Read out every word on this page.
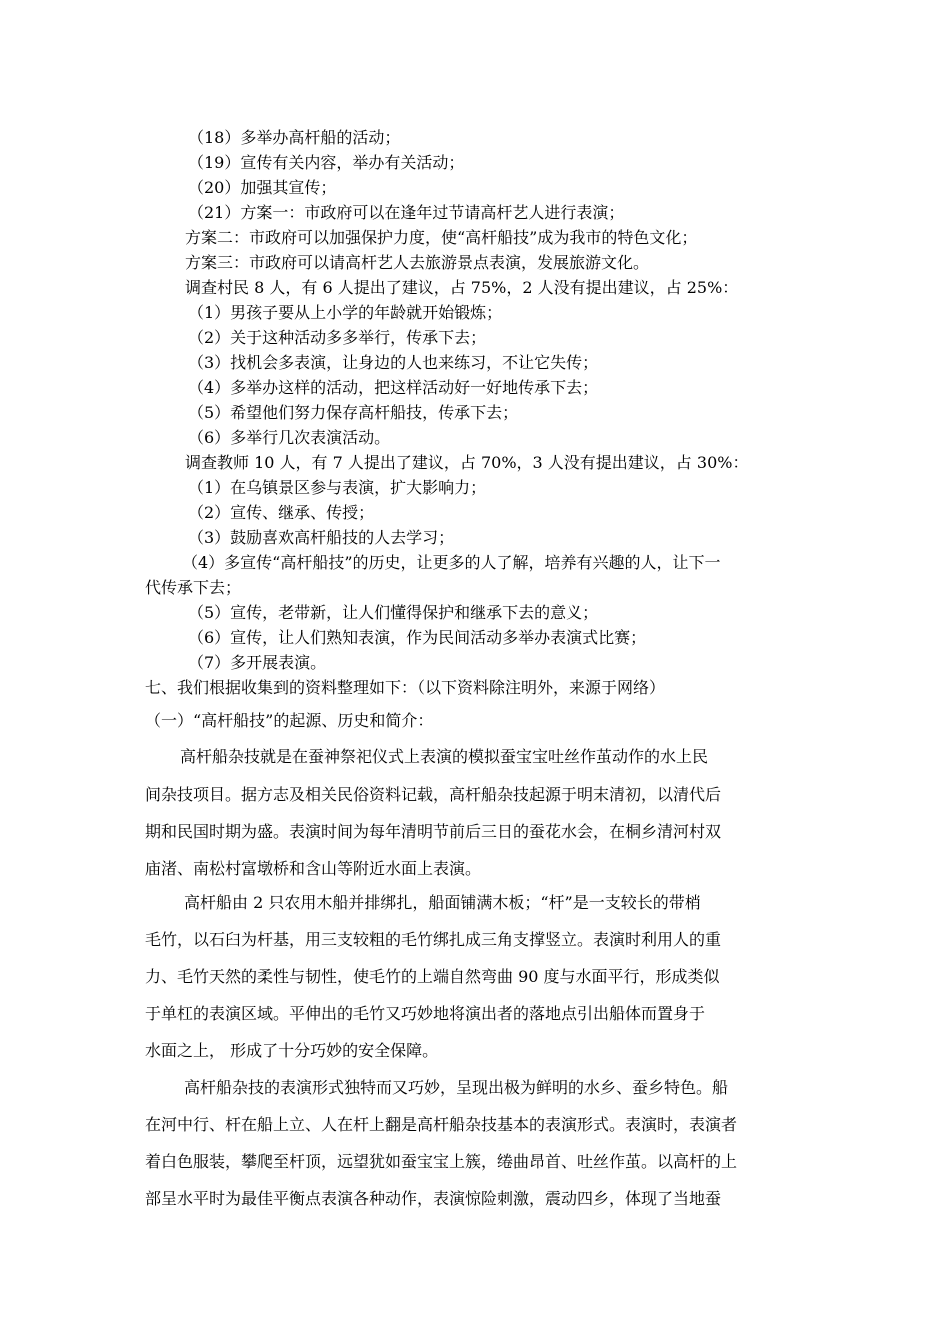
（18）多举办高杆船的活动；
（19）宣传有关内容，举办有关活动；
（20）加强其宣传；
（21）方案一：市政府可以在逢年过节请高杆艺人进行表演；
方案二：市政府可以加强保护力度，使“高杆船技”成为我市的特色文化；
方案三：市政府可以请高杆艺人去旅游景点表演，发展旅游文化。
调查村民 8 人，有 6 人提出了建议，占 75%，2 人没有提出建议，占 25%：
（1）男孩子要从上小学的年龄就开始锻炼；
（2）关于这种活动多多举行，传承下去；
（3）找机会多表演，让身边的人也来练习，不让它失传；
（4）多举办这样的活动，把这样活动好一好地传承下去；
（5）希望他们努力保存高杆船技，传承下去；
（6）多举行几次表演活动。
调查教师 10 人，有 7 人提出了建议，占 70%，3 人没有提出建议，占 30%：
（1）在乌镇景区参与表演，扩大影响力；
（2）宣传、继承、传授；
（3）鼓励喜欢高杆船技的人去学习；
（4）多宣传“高杆船技”的历史，让更多的人了解，培养有兴趣的人，让下一
代传承下去；
（5）宣传，老带新，让人们懂得保护和继承下去的意义；
（6）宣传，让人们熟知表演，作为民间活动多举办表演式比赛；
（7）多开展表演。
七、我们根据收集到的资料整理如下：（以下资料除注明外，来源于网络）
（一）“高杆船技”的起源、历史和简介：
高杆船杂技就是在蚕神祭祀仪式上表演的模拟蚕宝宝吐丝作茧动作的水上民
间杂技项目。据方志及相关民俗资料记载，高杆船杂技起源于明末清初，以清代后
期和民国时期为盛。表演时间为每年清明节前后三日的蚕花水会，在桐乡清河村双
庙渚、南松村富墩桥和含山等附近水面上表演。
高杆船由 2 只农用木船并排绑扎，船面铺满木板；“杆”是一支较长的带梢
毛竹，以石臼为杆基，用三支较粗的毛竹绑扎成三角支撑竖立。表演时利用人的重
力、毛竹天然的柔性与韧性，使毛竹的上端自然弯曲 90 度与水面平行，形成类似
于单杠的表演区域。平伸出的毛竹又巧妙地将演出者的落地点引出船体而置身于
水面之上， 形成了十分巧妙的安全保障。
高杆船杂技的表演形式独特而又巧妙，呈现出极为鲜明的水乡、蚕乡特色。船
在河中行、杆在船上立、人在杆上翻是高杆船杂技基本的表演形式。表演时，表演者
着白色服装，攀爬至杆顶，远望犹如蚕宝宝上簇，绻曲昂首、吐丝作茧。以高杆的上
部呈水平时为最佳平衡点表演各种动作，表演惊险刺激，震动四乡，体现了当地蚕
